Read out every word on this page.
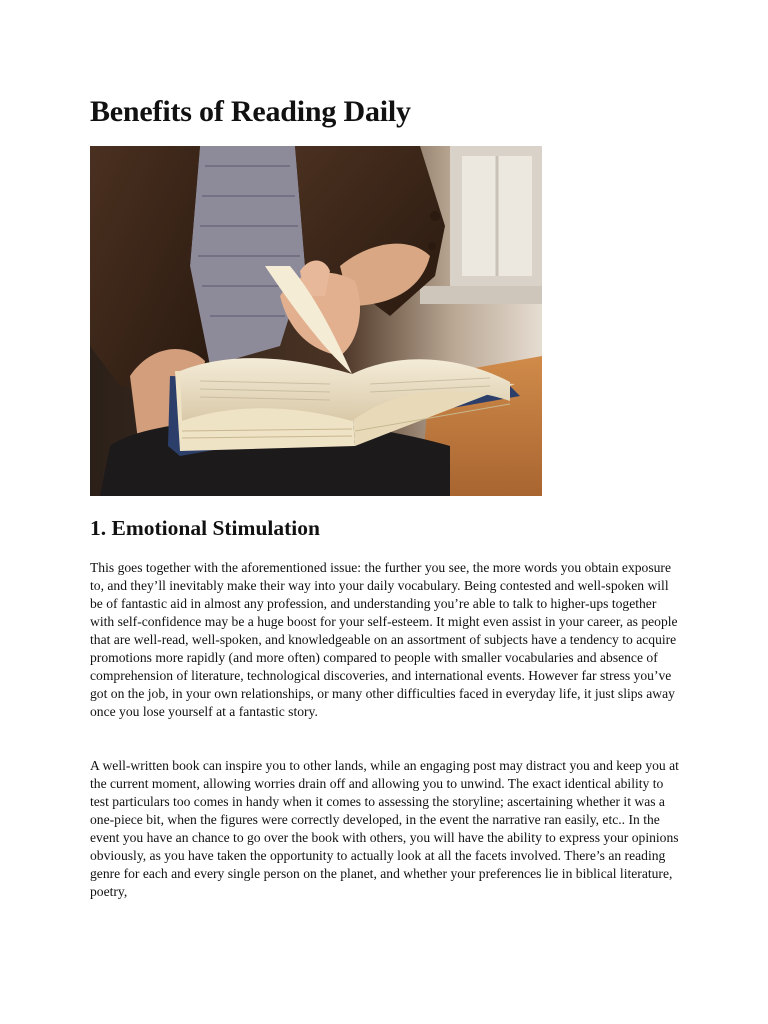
Benefits of Reading Daily
1. Emotional Stimulation

This goes together with the aforementioned issue: the further you see, the more words you obtain exposure to, and they’ll inevitably make their way into your daily vocabulary. Being contested and well-spoken will be of fantastic aid in almost any profession, and understanding you’re able to talk to higher-ups together with self-confidence may be a huge boost for your self-esteem. It might even assist in your career, as people that are well-read, well-spoken, and knowledgeable on an assortment of subjects have a tendency to acquire promotions more rapidly (and more often) compared to people with smaller vocabularies and absence of comprehension of literature, technological discoveries, and international events. However far stress you’ve got on the job, in your own relationships, or many other difficulties faced in everyday life, it just slips away once you lose yourself at a fantastic story.

A well-written book can inspire you to other lands, while an engaging post may distract you and keep you at the current moment, allowing worries drain off and allowing you to unwind. The exact identical ability to test particulars too comes in handy when it comes to assessing the storyline; ascertaining whether it was a one-piece bit, when the figures were correctly developed, in the event the narrative ran easily, etc.. In the event you have an chance to go over the book with others, you will have the ability to express your opinions obviously, as you have taken the opportunity to actually look at all the facets involved. There’s an reading genre for each and every single person on the planet, and whether your preferences lie in biblical literature, poetry,
